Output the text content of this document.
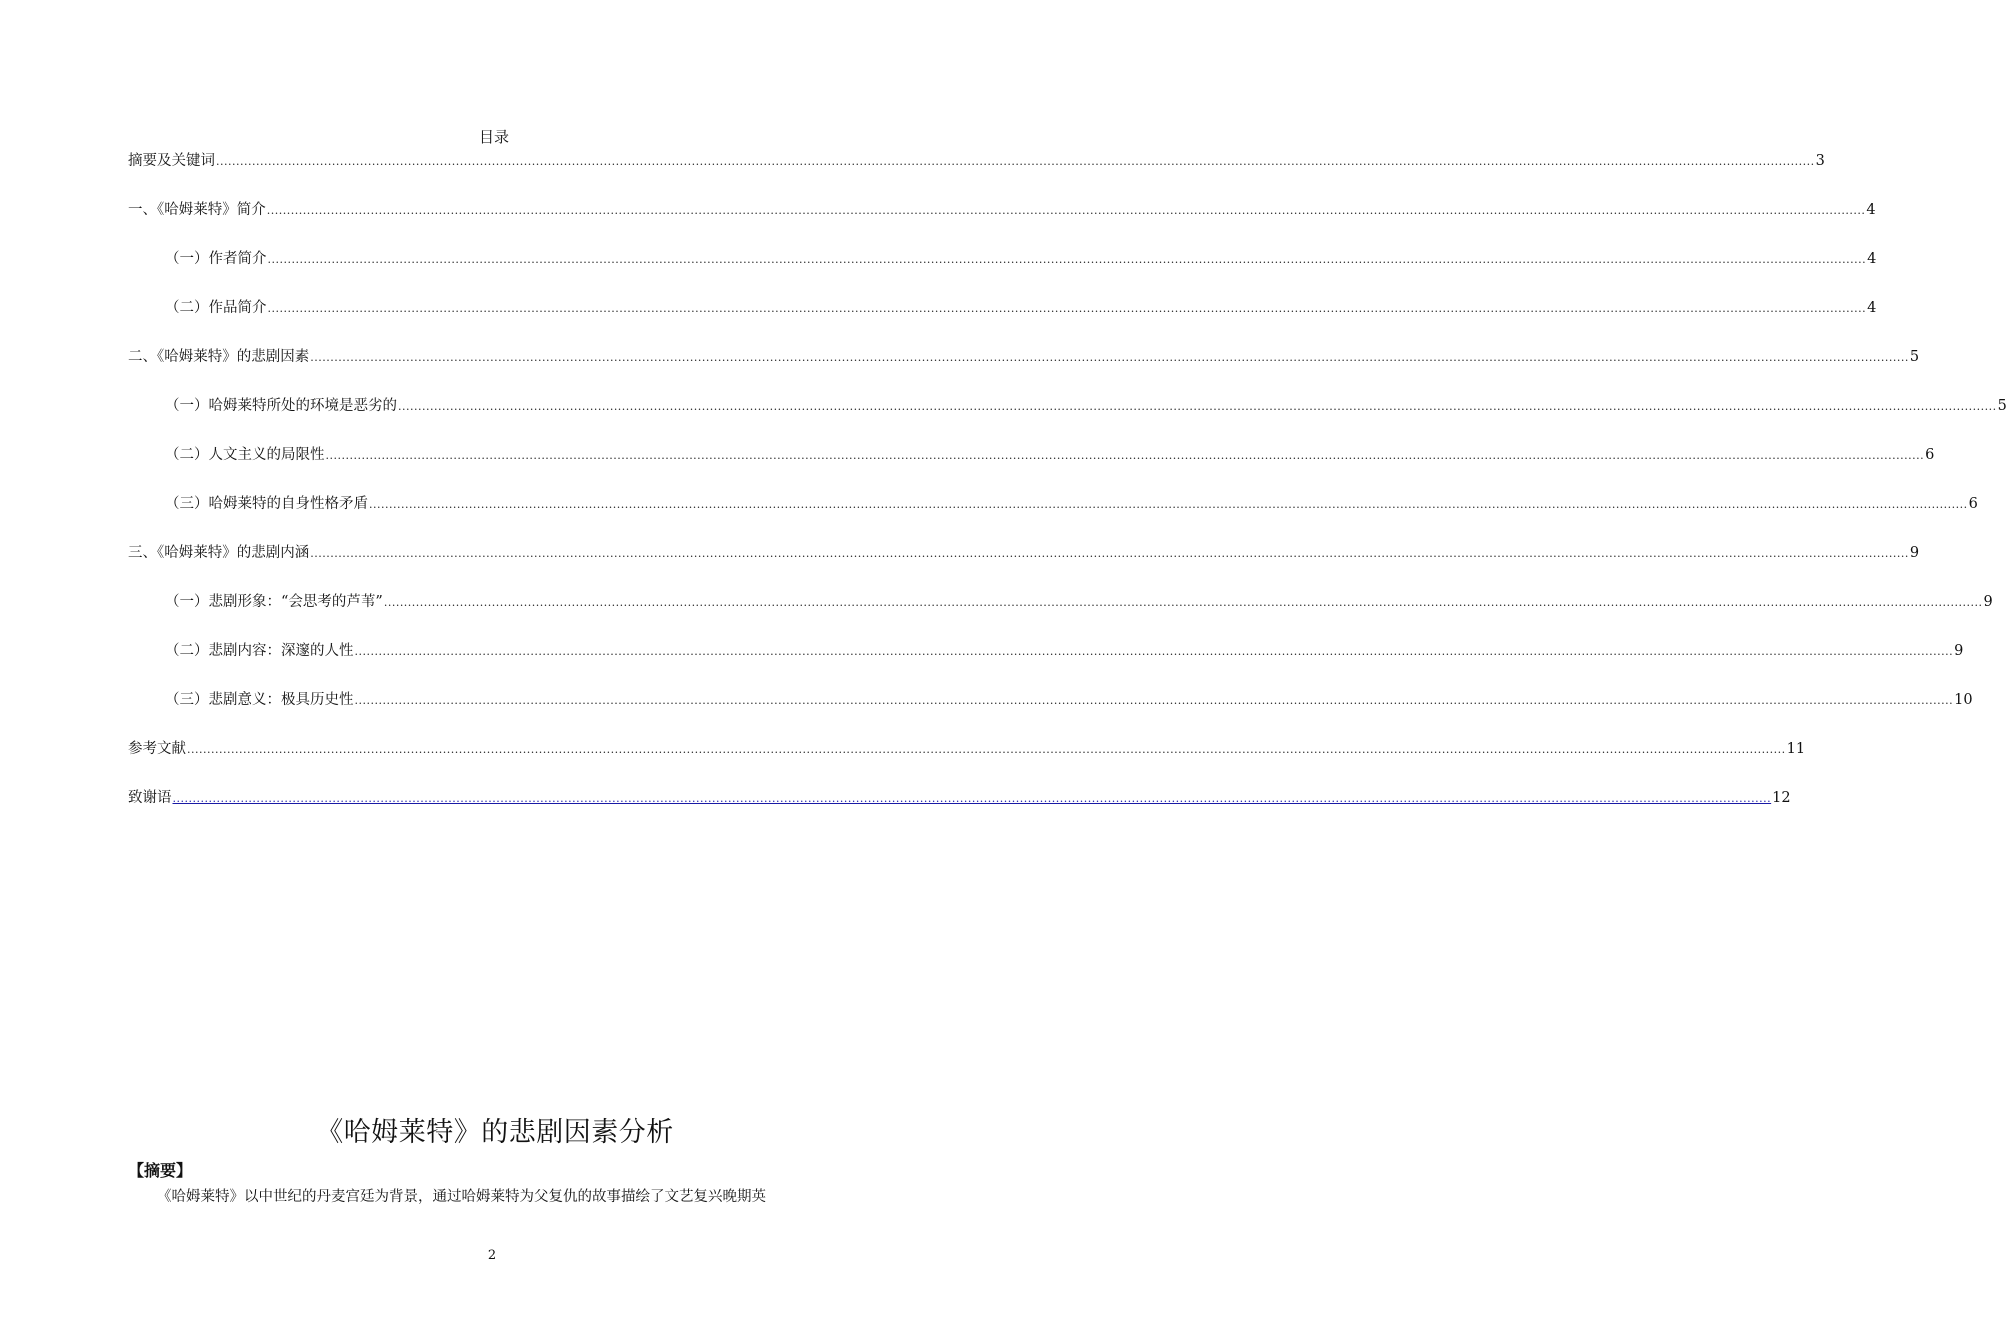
目录
摘要及关键词 ................................................................................................................................................................................................................................................................................................................................................................................................................ 3
一、《哈姆莱特》简介 ................................................................................................................................................................................................................................................................................................................................................................................................................ 4
（一）作者简介 ................................................................................................................................................................................................................................................................................................................................................................................................................ 4
（二）作品简介 ................................................................................................................................................................................................................................................................................................................................................................................................................ 4
二、《哈姆莱特》的悲剧因素 ................................................................................................................................................................................................................................................................................................................................................................................................................ 5
（一）哈姆莱特所处的环境是恶劣的 ................................................................................................................................................................................................................................................................................................................................................................................................................ 5
（二）人文主义的局限性 ................................................................................................................................................................................................................................................................................................................................................................................................................ 6
（三）哈姆莱特的自身性格矛盾 ................................................................................................................................................................................................................................................................................................................................................................................................................ 6
三、《哈姆莱特》的悲剧内涵 ................................................................................................................................................................................................................................................................................................................................................................................................................ 9
（一）悲剧形象：“会思考的芦苇” ................................................................................................................................................................................................................................................................................................................................................................................................................ 9
（二）悲剧内容：深邃的人性 ................................................................................................................................................................................................................................................................................................................................................................................................................ 9
（三）悲剧意义：极具历史性 ................................................................................................................................................................................................................................................................................................................................................................................................................ 10
参考文献 ................................................................................................................................................................................................................................................................................................................................................................................................................ 11
致谢语 ................................................................................................................................................................................................................................................................................................................................................................................................................ 12
《哈姆莱特》的悲剧因素分析
【摘要】
《哈姆莱特》以中世纪的丹麦宫廷为背景，通过哈姆莱特为父复仇的故事描绘了文艺复兴晚期英
2
